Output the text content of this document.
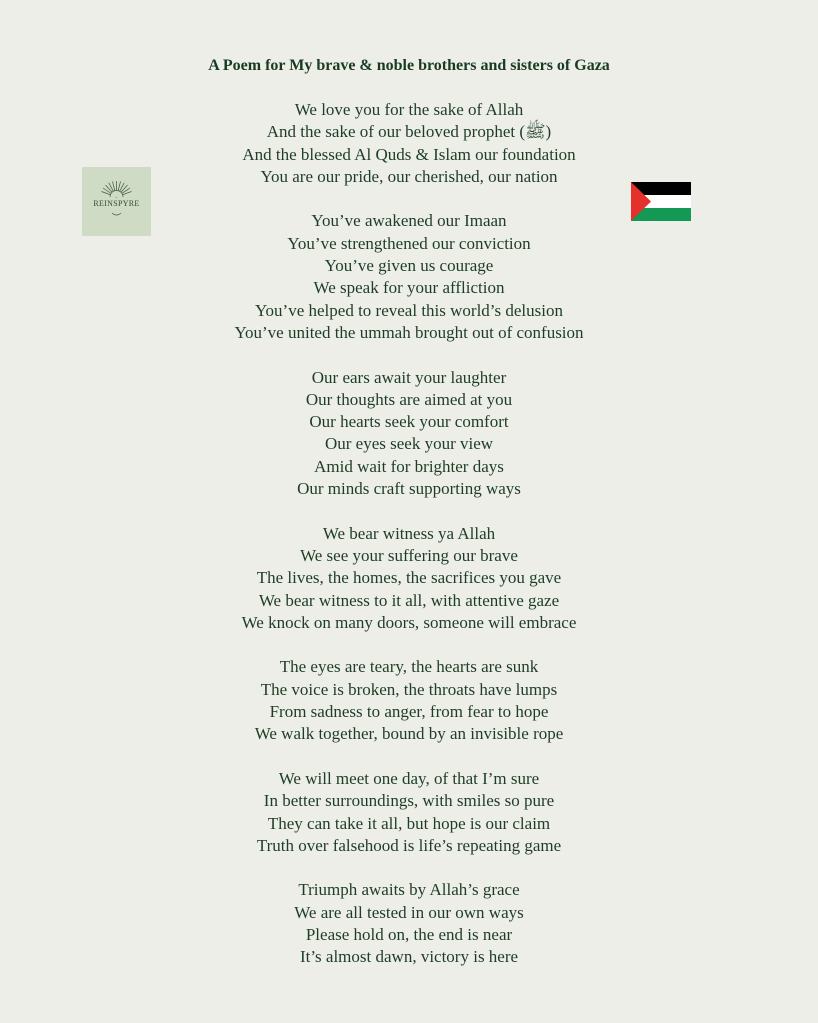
A Poem for My brave & noble brothers and sisters of Gaza
REINSPYRE
We love you for the sake of Allah
And the sake of our beloved prophet (ﷺ)
And the blessed Al Quds & Islam our foundation
You are our pride, our cherished, our nation
You’ve awakened our Imaan
You’ve strengthened our conviction
You’ve given us courage
We speak for your affliction
You’ve helped to reveal this world’s delusion
You’ve united the ummah brought out of confusion
Our ears await your laughter
Our thoughts are aimed at you
Our hearts seek your comfort
Our eyes seek your view
Amid wait for brighter days
Our minds craft supporting ways
We bear witness ya Allah
We see your suffering our brave
The lives, the homes, the sacrifices you gave
We bear witness to it all, with attentive gaze
We knock on many doors, someone will embrace
The eyes are teary, the hearts are sunk
The voice is broken, the throats have lumps
From sadness to anger, from fear to hope
We walk together, bound by an invisible rope
We will meet one day, of that I’m sure
In better surroundings, with smiles so pure
They can take it all, but hope is our claim
Truth over falsehood is life’s repeating game
Triumph awaits by Allah’s grace
We are all tested in our own ways
Please hold on, the end is near
It’s almost dawn, victory is here
